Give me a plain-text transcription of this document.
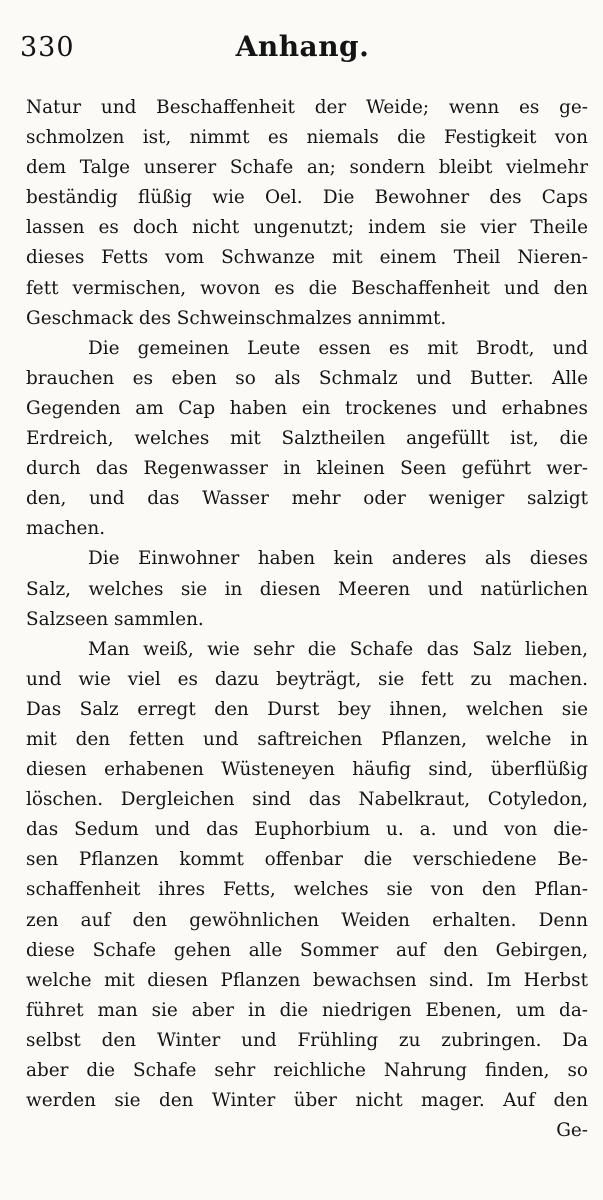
330	Anhang.
Natur und Beschaffenheit der Weide; wenn es ge-
schmolzen ist, nimmt es niemals die Festigkeit von
dem Talge unserer Schafe an; sondern bleibt vielmehr
beständig flüßig wie Oel. Die Bewohner des Caps
lassen es doch nicht ungenutzt; indem sie vier Theile
dieses Fetts vom Schwanze mit einem Theil Nieren-
fett vermischen, wovon es die Beschaffenheit und den
Geschmack des Schweinschmalzes annimmt.
Die gemeinen Leute essen es mit Brodt, und
brauchen es eben so als Schmalz und Butter. Alle
Gegenden am Cap haben ein trockenes und erhabnes
Erdreich, welches mit Salztheilen angefüllt ist, die
durch das Regenwasser in kleinen Seen geführt wer-
den, und das Wasser mehr oder weniger salzigt
machen.
Die Einwohner haben kein anderes als dieses
Salz, welches sie in diesen Meeren und natürlichen
Salzseen sammlen.
Man weiß, wie sehr die Schafe das Salz lieben,
und wie viel es dazu beyträgt, sie fett zu machen.
Das Salz erregt den Durst bey ihnen, welchen sie
mit den fetten und saftreichen Pflanzen, welche in
diesen erhabenen Wüsteneyen häufig sind, überflüßig
löschen. Dergleichen sind das Nabelkraut, Cotyledon,
das Sedum und das Euphorbium u. a. und von die-
sen Pflanzen kommt offenbar die verschiedene Be-
schaffenheit ihres Fetts, welches sie von den Pflan-
zen auf den gewöhnlichen Weiden erhalten. Denn
diese Schafe gehen alle Sommer auf den Gebirgen,
welche mit diesen Pflanzen bewachsen sind. Im Herbst
führet man sie aber in die niedrigen Ebenen, um da-
selbst den Winter und Frühling zu zubringen. Da
aber die Schafe sehr reichliche Nahrung finden, so
werden sie den Winter über nicht mager. Auf den
Ge-
